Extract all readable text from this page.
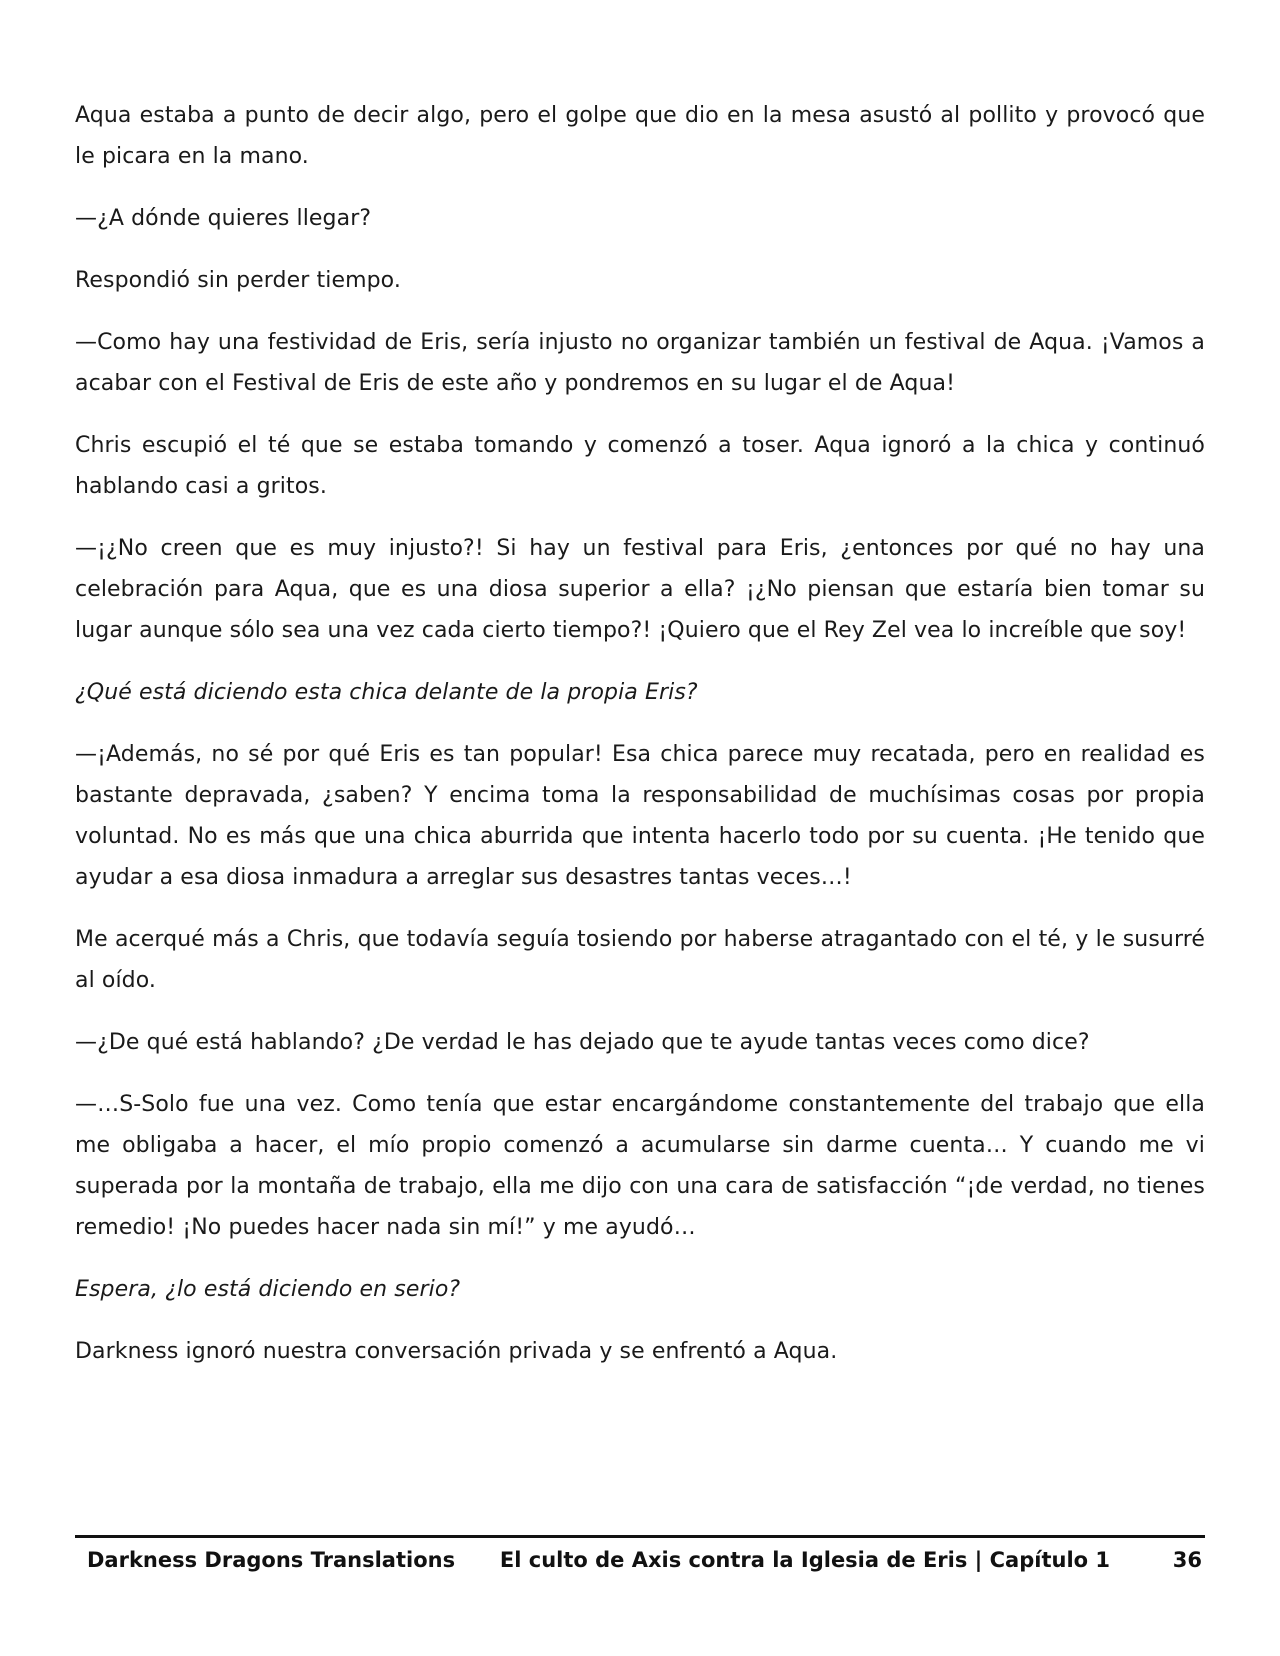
Aqua estaba a punto de decir algo, pero el golpe que dio en la mesa asustó al pollito y provocó que le picara en la mano.

—¿A dónde quieres llegar?

Respondió sin perder tiempo.

—Como hay una festividad de Eris, sería injusto no organizar también un festival de Aqua. ¡Vamos a acabar con el Festival de Eris de este año y pondremos en su lugar el de Aqua!

Chris escupió el té que se estaba tomando y comenzó a toser. Aqua ignoró a la chica y continuó hablando casi a gritos.

—¡¿No creen que es muy injusto?! Si hay un festival para Eris, ¿entonces por qué no hay una celebración para Aqua, que es una diosa superior a ella? ¡¿No piensan que estaría bien tomar su lugar aunque sólo sea una vez cada cierto tiempo?! ¡Quiero que el Rey Zel vea lo increíble que soy!

¿Qué está diciendo esta chica delante de la propia Eris?

—¡Además, no sé por qué Eris es tan popular! Esa chica parece muy recatada, pero en realidad es bastante depravada, ¿saben? Y encima toma la responsabilidad de muchísimas cosas por propia voluntad. No es más que una chica aburrida que intenta hacerlo todo por su cuenta. ¡He tenido que ayudar a esa diosa inmadura a arreglar sus desastres tantas veces…!

Me acerqué más a Chris, que todavía seguía tosiendo por haberse atragantado con el té, y le susurré al oído.

—¿De qué está hablando? ¿De verdad le has dejado que te ayude tantas veces como dice?

—…S-Solo fue una vez. Como tenía que estar encargándome constantemente del trabajo que ella me obligaba a hacer, el mío propio comenzó a acumularse sin darme cuenta… Y cuando me vi superada por la montaña de trabajo, ella me dijo con una cara de satisfacción “¡de verdad, no tienes remedio! ¡No puedes hacer nada sin mí!” y me ayudó…

Espera, ¿lo está diciendo en serio?

Darkness ignoró nuestra conversación privada y se enfrentó a Aqua.

Darkness Dragons Translations El culto de Axis contra la Iglesia de Eris | Capítulo 1	36
